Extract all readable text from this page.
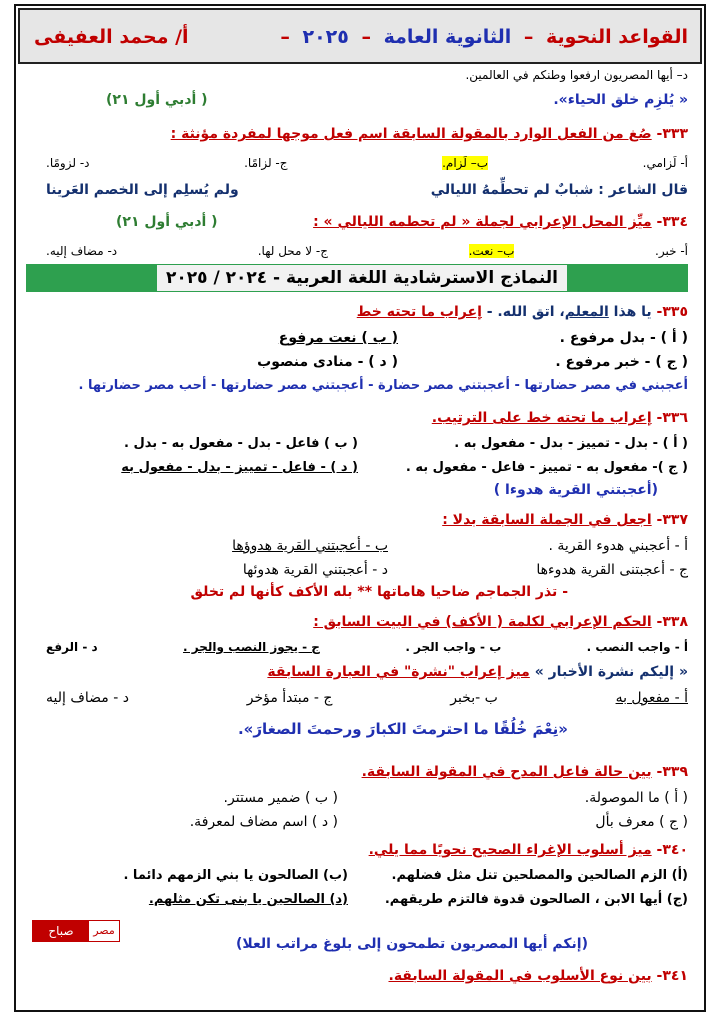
القواعد النحوية – الثانوية العامة – ٢٠٢٥ –
أ/ محمد العفيفى
د– أيها المصريون ارفعوا وطنكم في العالمين.
« يُلزِم خلق الحياء».
( أدبي أول ٢١)
٣٣٣- صُغ من الفعل الوارد بالمقولة السابقة اسم فعل موجها لمفردة مؤنثة :
أ- لَزامي.
ب– لَزام.
ج- لزامًا.
د- لزومًا.
قال الشاعر : شبابٌ لم تحطِّمهُ الليالي
ولم يُسلِم إلى الخصم العَرينا
( أدبي أول ٢١)	٣٣٤- ميِّز المحل الإعرابي لجملة « لم تحطمه الليالي » :
أ- خبر.
ب– نعت.
ج- لا محل لها.
د- مضاف إليه.
النماذج الاسترشادية اللغة العربية - ٢٠٢٤ / ٢٠٢٥
٣٣٥- يا هذا المعلم، اتق الله. - إعراب ما تحته خط
( أ ) - بدل مرفوع .
( ب ) نعت مرفوع
( ج ) - خبر مرفوع .
( د ) - منادى منصوب
أعجبني في مصر حضارتها - أعجبتني مصر حضارة - أعجبتني مصر حضارتها - أحب مصر حضارتها .
٣٣٦- إعراب ما تحته خط على الترتيب.
( أ ) - بدل - تمييز - بدل - مفعول به .
( ب ) فاعل - بدل - مفعول به - بدل .
( ج )- مفعول به - تمييز - فاعل - مفعول به .
( د ) - فاعل - تمييز - بدل - مفعول به
(أعجبتني القرية هدوءا )
٣٣٧- اجعل في الجملة السابقة بدلا :
أ - أعجبني هدوء القرية .
ب - أعجبتني القرية هدوؤها
ج - أعجبتنى القرية هدوءها
د - أعجبتني القرية هدوئها
- تذر الجماجم ضاحيا هاماتها ** بله الأكف كأنها لم تخلق
٣٣٨- الحكم الإعرابي لكلمة ( الأكف) في البيت السابق :
أ - واجب النصب .
ب - واجب الجر .
ج - يجوز النصب والجر .
د - الرفع
« إليكم نشرة الأخبار » ميز إعراب "نشرة" في العبارة السابقة
أ - مفعول به
ب -بخبر
ج - مبتدأ مؤخر
د - مضاف إليه
«نِعْمَ خُلُقًا ما احترمتَ الكبارَ ورحمتَ الصغارَ».
٣٣٩- بين حالة فاعل المدح في المقولة السابقة.
( أ ) ما الموصولة.
( ب ) ضمير مستتر.
( ج ) معرف بأل
( د ) اسم مضاف لمعرفة.
٣٤٠- ميز أسلوب الإغراء الصحيح نحويًا مما يلي.
(أ) الزم الصالحين والمصلحين تنل مثل فضلهم.
(ب) الصالحون يا بني الزمهم دائما .
(ج) أيها الابن ، الصالحون قدوة فالتزم طريقهم.
(د) الصالحين يا بنى تكن مثلهم.
(إنكم أيها المصريون تطمحون إلى بلوغ مراتب العلا)
٣٤١- بين نوع الأسلوب في المقولة السابقة.
مصر
صباح
